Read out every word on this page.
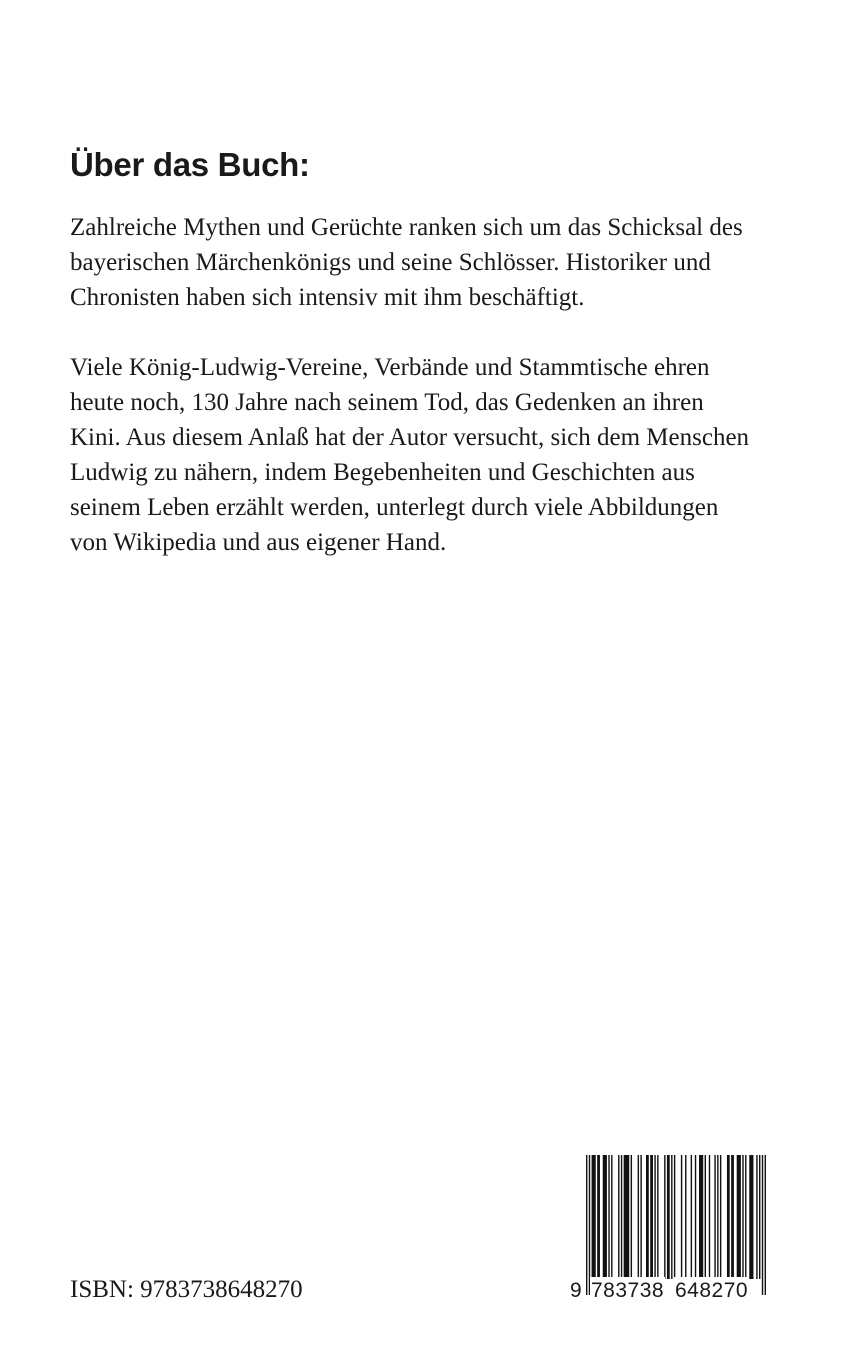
Über das Buch:

Zahlreiche Mythen und Gerüchte ranken sich um das Schicksal des
bayerischen Märchenkönigs und seine Schlösser. Historiker und
Chronisten haben sich intensiv mit ihm beschäftigt.

Viele König-Ludwig-Vereine, Verbände und Stammtische ehren
heute noch, 130 Jahre nach seinem Tod, das Gedenken an ihren
Kini. Aus diesem Anlaß hat der Autor versucht, sich dem Menschen
Ludwig zu nähern, indem Begebenheiten und Geschichten aus
seinem Leben erzählt werden, unterlegt durch viele Abbildungen
von Wikipedia und aus eigener Hand.

ISBN: 9783738648270	9 783738 648270
